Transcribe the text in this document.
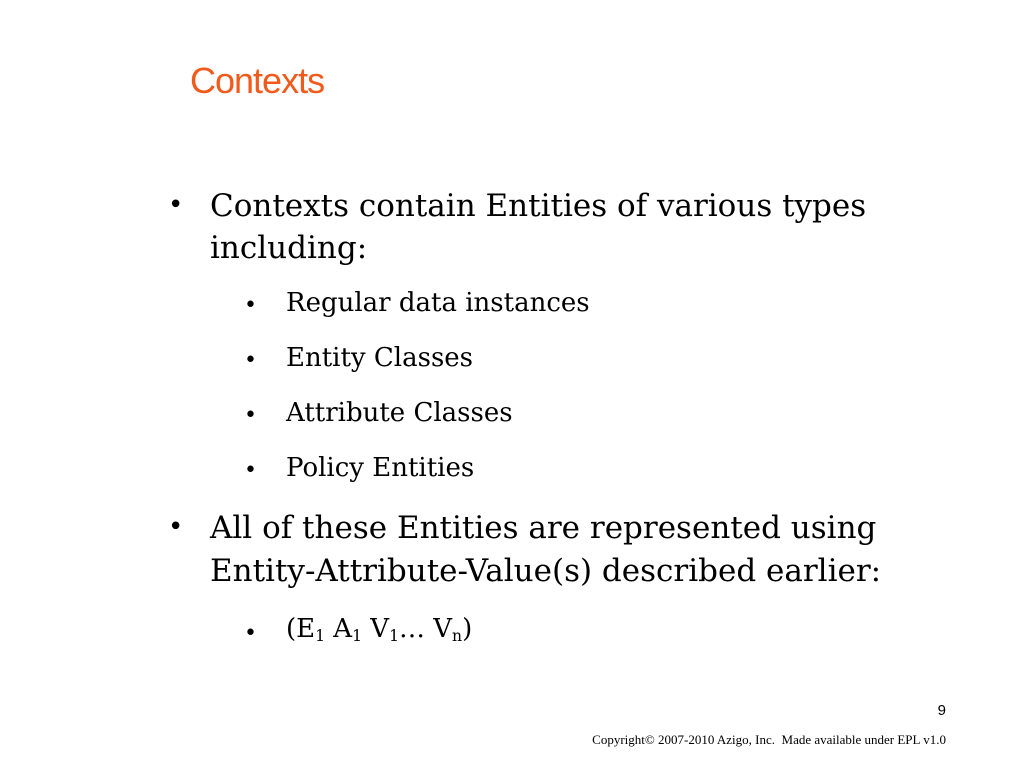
Contexts
• Contexts contain Entities of various types
including:
• Regular data instances
• Entity Classes
• Attribute Classes
• Policy Entities
• All of these Entities are represented using
Entity-Attribute-Value(s) described earlier:
• ($E_1$ $A_1$ $V_1\dots$ $V_n$)
9
Copyright© 2007-2010 Azigo, Inc.  Made available under EPL v1.0
